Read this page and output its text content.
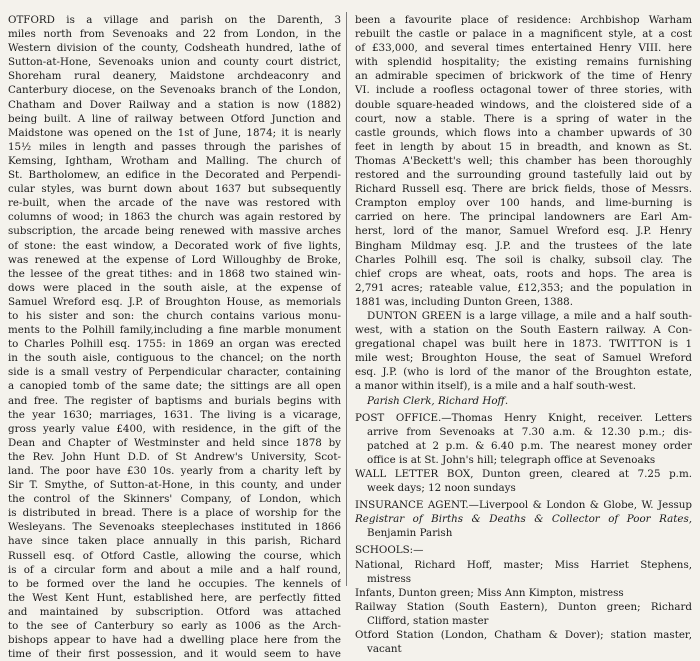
OTFORD is a village and parish on the Darenth, 3
miles north from Sevenoaks and 22 from London, in the
Western division of the county, Codsheath hundred, lathe of
Sutton-at-Hone, Sevenoaks union and county court district,
Shoreham rural deanery, Maidstone archdeaconry and
Canterbury diocese, on the Sevenoaks branch of the London,
Chatham and Dover Railway and a station is now (1882)
being built. A line of railway between Otford Junction and
Maidstone was opened on the 1st of June, 1874; it is nearly
15½ miles in length and passes through the parishes of
Kemsing, Ightham, Wrotham and Malling. The church of
St. Bartholomew, an edifice in the Decorated and Perpendi-
cular styles, was burnt down about 1637 but subsequently
re-built, when the arcade of the nave was restored with
columns of wood; in 1863 the church was again restored by
subscription, the arcade being renewed with massive arches
of stone: the east window, a Decorated work of five lights,
was renewed at the expense of Lord Willoughby de Broke,
the lessee of the great tithes: and in 1868 two stained win-
dows were placed in the south aisle, at the expense of
Samuel Wreford esq. J.P. of Broughton House, as memorials
to his sister and son: the church contains various monu-
ments to the Polhill family,including a fine marble monument
to Charles Polhill esq. 1755: in 1869 an organ was erected
in the south aisle, contiguous to the chancel; on the north
side is a small vestry of Perpendicular character, containing
a canopied tomb of the same date; the sittings are all open
and free. The register of baptisms and burials begins with
the year 1630; marriages, 1631. The living is a vicarage,
gross yearly value £400, with residence, in the gift of the
Dean and Chapter of Westminster and held since 1878 by
the Rev. John Hunt D.D. of St Andrew's University, Scot-
land. The poor have £30 10s. yearly from a charity left by
Sir T. Smythe, of Sutton-at-Hone, in this county, and under
the control of the Skinners' Company, of London, which
is distributed in bread. There is a place of worship for the
Wesleyans. The Sevenoaks steeplechases instituted in 1866
have since taken place annually in this parish, Richard
Russell esq. of Otford Castle, allowing the course, which
is of a circular form and about a mile and a half round,
to be formed over the land he occupies. The kennels of
the West Kent Hunt, established here, are perfectly fitted
and maintained by subscription. Otford was attached
to the see of Canterbury so early as 1006 as the Arch-
bishops appear to have had a dwelling place here from the
time of their first possession, and it would seem to have
been a favourite place of residence: Archbishop Warham
rebuilt the castle or palace in a magnificent style, at a cost
of £33,000, and several times entertained Henry VIII. here
with splendid hospitality; the existing remains furnishing
an admirable specimen of brickwork of the time of Henry
VI. include a roofless octagonal tower of three stories, with
double square-headed windows, and the cloistered side of a
court, now a stable. There is a spring of water in the
castle grounds, which flows into a chamber upwards of 30
feet in length by about 15 in breadth, and known as St.
Thomas A'Beckett's well; this chamber has been thoroughly
restored and the surrounding ground tastefully laid out by
Richard Russell esq. There are brick fields, those of Messrs.
Crampton employ over 100 hands, and lime-burning is
carried on here. The principal landowners are Earl Am-
herst, lord of the manor, Samuel Wreford esq. J.P. Henry
Bingham Mildmay esq. J.P. and the trustees of the late
Charles Polhill esq. The soil is chalky, subsoil clay. The
chief crops are wheat, oats, roots and hops. The area is
2,791 acres; rateable value, £12,353; and the population in
1881 was, including Dunton Green, 1388.
DUNTON GREEN is a large village, a mile and a half south-
west, with a station on the South Eastern railway. A Con-
gregational chapel was built here in 1873. TWITTON is 1
mile west; Broughton House, the seat of Samuel Wreford
esq. J.P. (who is lord of the manor of the Broughton estate,
a manor within itself), is a mile and a half south-west.
Parish Clerk, Richard Hoff.
POST OFFICE.—Thomas Henry Knight, receiver. Letters
arrive from Sevenoaks at 7.30 a.m. & 12.30 p.m.; dis-
patched at 2 p.m. & 6.40 p.m. The nearest money order
office is at St. John's hill; telegraph office at Sevenoaks
WALL LETTER BOX, Dunton green, cleared at 7.25 p.m.
week days; 12 noon sundays
INSURANCE AGENT.—Liverpool & London & Globe, W. Jessup
Registrar of Births & Deaths & Collector of Poor Rates,
Benjamin Parish
SCHOOLS:—
National, Richard Hoff, master; Miss Harriet Stephens,
mistress
Infants, Dunton green; Miss Ann Kimpton, mistress
Railway Station (South Eastern), Dunton green; Richard
Clifford, station master
Otford Station (London, Chatham & Dover); station master,
vacant
